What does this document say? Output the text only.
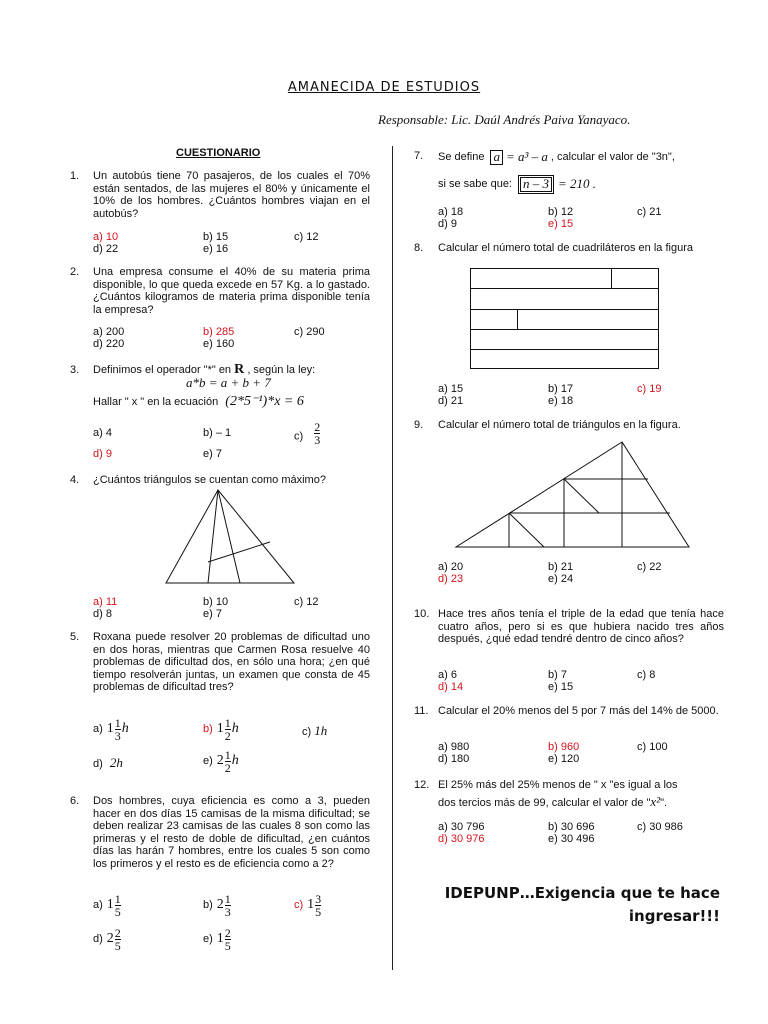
AMANECIDA DE ESTUDIOS
Responsable: Lic. Daúl Andrés Paiva Yanayaco.
CUESTIONARIO
1. Un autobús tiene 70 pasajeros, de los cuales el 70% están sentados, de las mujeres el 80% y únicamente el 10% de los hombres. ¿Cuántos hombres viajan en el autobús?
a) 10	b) 15	c) 12
d) 22	e) 16
2. Una empresa consume el 40% de su materia prima disponible, lo que queda excede en 57 Kg. a lo gastado. ¿Cuántos kilogramos de materia prima disponible tenía la empresa?
a) 200	b) 285	c) 290
d) 220	e) 160
3. Definimos el operador "*" en R , según la ley:
a*b = a + b + 7
Hallar " x " en la ecuación (2*5⁻¹)*x = 6
a) 4	b) – 1	$c) \frac{2}{3}$
d) 9	e) 7
4. ¿Cuántos triángulos se cuentan como máximo?
a) 11	b) 10	c) 12
d) 8	e) 7
5. Roxana puede resolver 20 problemas de dificultad uno en dos horas, mientras que Carmen Rosa resuelve 40 problemas de dificultad dos, en sólo una hora; ¿en qué tiempo resolverán juntas, un examen que consta de 45 problemas de dificultad tres?
a) $1 \frac{1}{3}$ h	b) $1 \frac{1}{2}$ h	c) 1h
d) 2h	e) $2 \frac{1}{2}$ h
6. Dos hombres, cuya eficiencia es como a 3, pueden hacer en dos días 15 camisas de la misma dificultad; se deben realizar 23 camisas de las cuales 8 son como las primeras y el resto de doble de dificultad, ¿en cuántos días las harán 7 hombres, entre los cuales 5 son como los primeros y el resto es de eficiencia como a 2?
a) $1 \frac{1}{5}$	b) $2 \frac{1}{3}$	c) $1 \frac{3}{5}$
d) $2 \frac{2}{5}$	e) $1 \frac{2}{5}$
7. Se define a = a³ – a , calcular el valor de "3n",
si se sabe que: n – 3 = 210 .
a) 18	b) 12	c) 21
d) 9	e) 15
8. Calcular el número total de cuadriláteros en la figura
a) 15	b) 17	c) 19
d) 21	e) 18
9. Calcular el número total de triángulos en la figura.
a) 20	b) 21	c) 22
d) 23	e) 24
10. Hace tres años tenía el triple de la edad que tenía hace cuatro años, pero si es que hubiera nacido tres años después, ¿qué edad tendré dentro de cinco años?
a) 6	b) 7	c) 8
d) 14	e) 15
11. Calcular el 20% menos del 5 por 7 más del 14% de 5000.
a) 980	b) 960	c) 100
d) 180	e) 120
12. El 25% más del 25% menos de " x "es igual a los
dos tercios más de 99, calcular el valor de "x²".
a) 30 796	b) 30 696	c) 30 986
d) 30 976	e) 30 496
IDEPUNP…Exigencia que te hace
ingresar!!!
